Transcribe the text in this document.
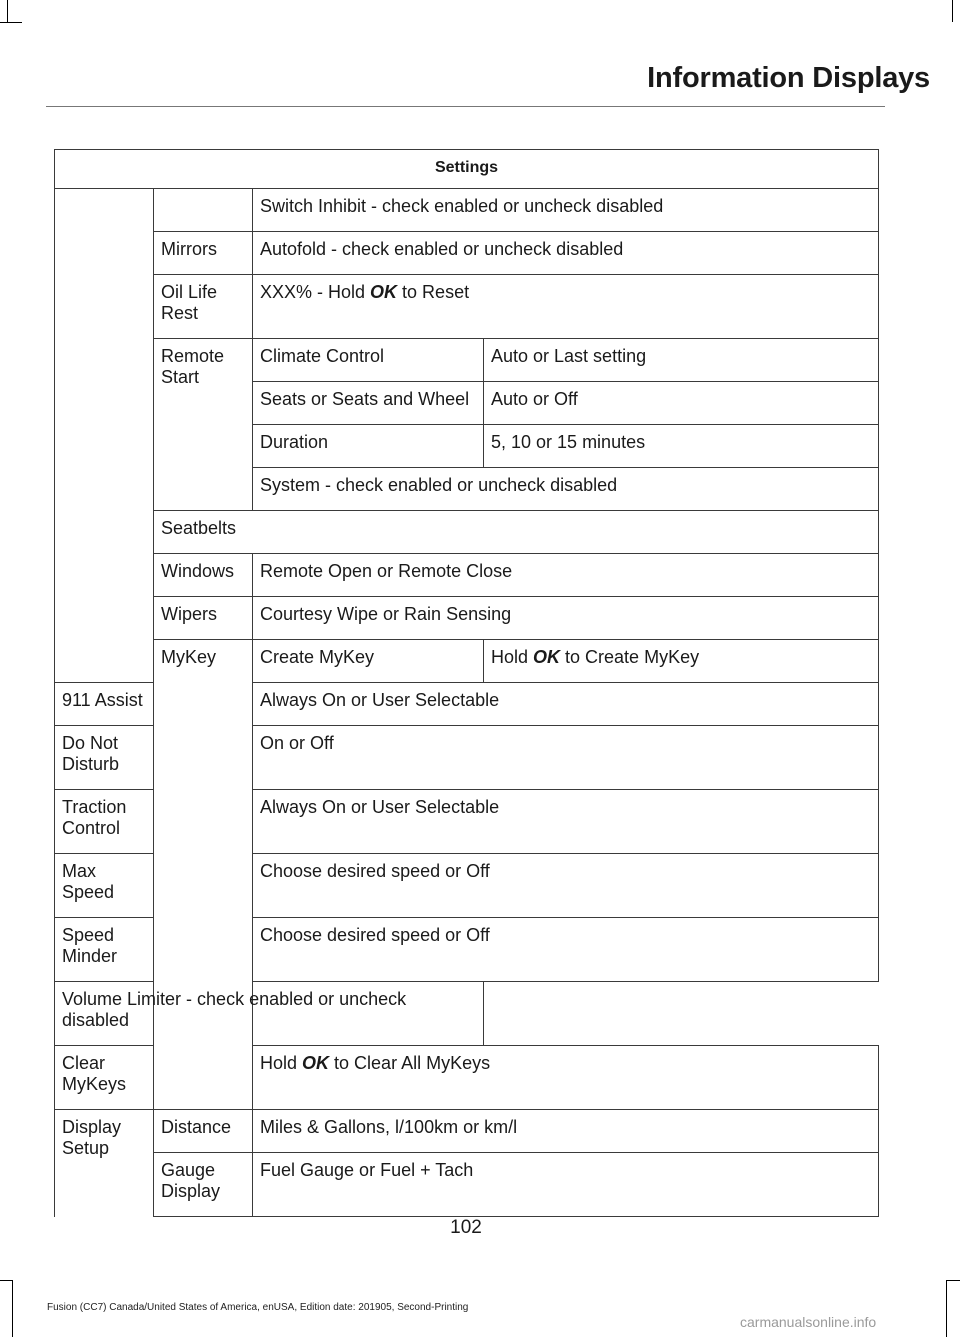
Information Displays
Settings			
		Switch Inhibit - check enabled or uncheck disabled	
	Mirrors	Autofold - check enabled or uncheck disabled	
	Oil Life Rest	XXX% - Hold OK to Reset	
	Remote Start	Climate Control	Auto or Last setting
		Seats or Seats and Wheel	Auto or Off
		Duration	5, 10 or 15 minutes
		System - check enabled or uncheck disabled	
	Seatbelts		
	Windows	Remote Open or Remote Close	
	Wipers	Courtesy Wipe or Rain Sensing	
	MyKey	Create MyKey	Hold OK to Create MyKey
911 Assist		Always On or User Selectable	
Do Not Disturb		On or Off	
Traction Control		Always On or User Selectable	
Max Speed		Choose desired speed or Off	
Speed Minder		Choose desired speed or Off	
Volume Limiter - check enabled or uncheck disabled			
Clear MyKeys		Hold OK to Clear All MyKeys	
Display Setup	Distance	Miles & Gallons, l/100km or km/l	
	Gauge Display	Fuel Gauge or Fuel + Tach	
102
Fusion (CC7) Canada/United States of America, enUSA, Edition date: 201905, Second-Printing
carmanualsonline.info
